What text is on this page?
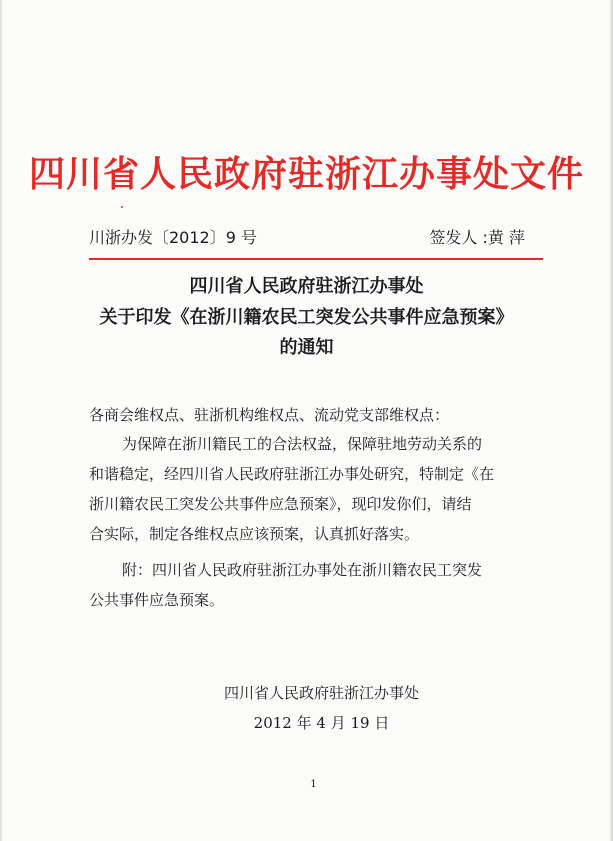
四川省人民政府驻浙江办事处文件
川浙办发〔2012〕9 号	签发人 :黄 萍
四川省人民政府驻浙江办事处
关于印发《在浙川籍农民工突发公共事件应急预案》
的通知
各商会维权点、驻浙机构维权点、流动党支部维权点：
为保障在浙川籍民工的合法权益，保障驻地劳动关系的
和谐稳定，经四川省人民政府驻浙江办事处研究，特制定《在
浙川籍农民工突发公共事件应急预案》，现印发你们，请结
合实际，制定各维权点应该预案，认真抓好落实。
附：四川省人民政府驻浙江办事处在浙川籍农民工突发
公共事件应急预案。
四川省人民政府驻浙江办事处
2012 年 4 月 19 日
1
